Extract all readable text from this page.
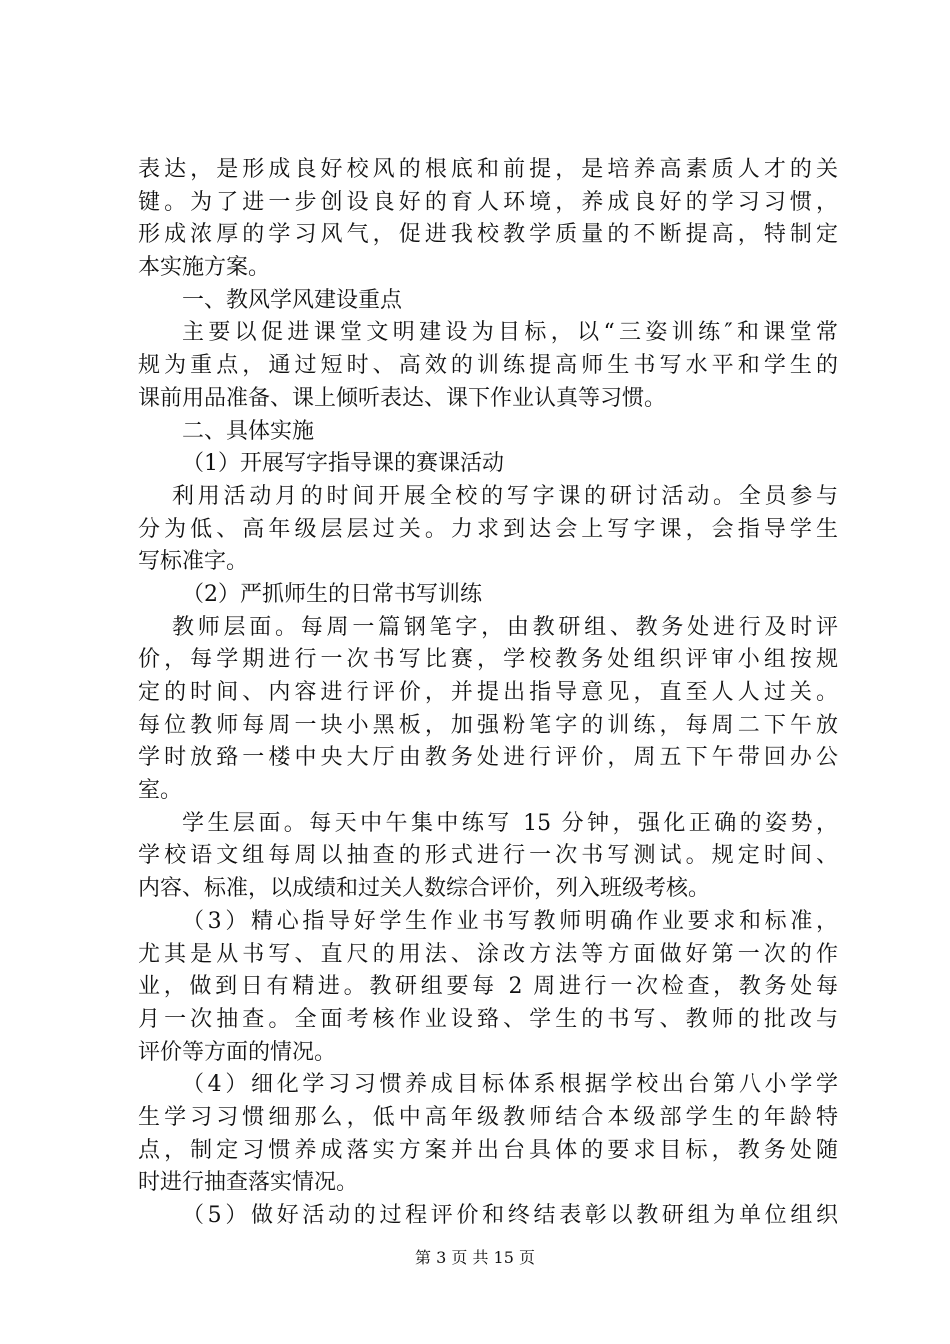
表达，是形成良好校风的根底和前提，是培养高素质人才的关
键。为了进一步创设良好的育人环境，养成良好的学习习惯，
形成浓厚的学习风气，促进我校教学质量的不断提高，特制定
本实施方案。
一、教风学风建设重点
主要以促进课堂文明建设为目标，以“三姿训练″和课堂常
规为重点，通过短时、高效的训练提高师生书写水平和学生的
课前用品准备、课上倾听表达、课下作业认真等习惯。
二、具体实施
（1）开展写字指导课的赛课活动
利用活动月的时间开展全校的写字课的研讨活动。全员参与
分为低、高年级层层过关。力求到达会上写字课，会指导学生
写标准字。
（2）严抓师生的日常书写训练
教师层面。每周一篇钢笔字，由教研组、教务处进行及时评
价，每学期进行一次书写比赛，学校教务处组织评审小组按规
定的时间、内容进行评价，并提出指导意见，直至人人过关。
每位教师每周一块小黑板，加强粉笔字的训练，每周二下午放
学时放臵一楼中央大厅由教务处进行评价，周五下午带回办公
室。
学生层面。每天中午集中练写 15 分钟，强化正确的姿势，
学校语文组每周以抽查的形式进行一次书写测试。规定时间、
内容、标准，以成绩和过关人数综合评价，列入班级考核。
（3）精心指导好学生作业书写教师明确作业要求和标准，
尤其是从书写、直尺的用法、涂改方法等方面做好第一次的作
业，做到日有精进。教研组要每 2 周进行一次检查，教务处每
月一次抽查。全面考核作业设臵、学生的书写、教师的批改与
评价等方面的情况。
（4）细化学习习惯养成目标体系根据学校出台第八小学学
生学习习惯细那么，低中高年级教师结合本级部学生的年龄特
点，制定习惯养成落实方案并出台具体的要求目标，教务处随
时进行抽查落实情况。
（5）做好活动的过程评价和终结表彰以教研组为单位组织
第 3 页 共 15 页
